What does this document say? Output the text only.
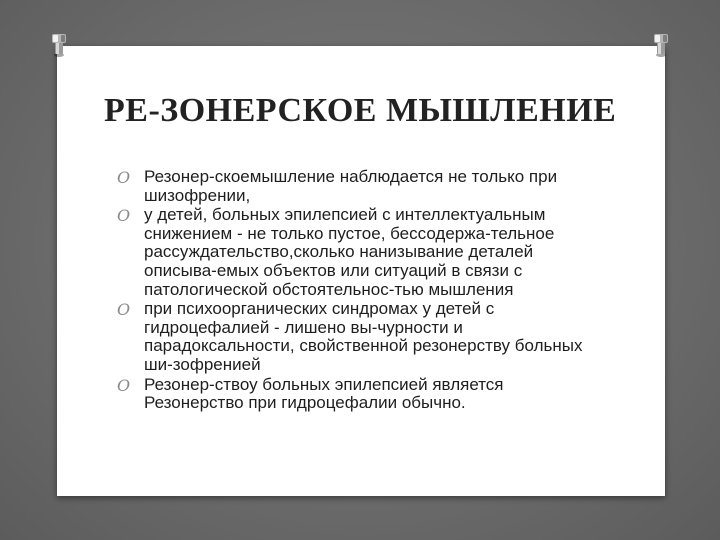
РЕ-ЗОНЕРСКОЕ МЫШЛЕНИЕ
O Резонер-скоемышление наблюдается не только при шизофрении,
O у детей, больных эпилепсией с интеллектуальным снижением - не только пустое, бессодержа-тельное рассуждательство,сколько нанизывание деталей описыва-емых объектов или ситуаций в связи с патологической обстоятельнос-тью мышления
O при психоорганических синдромах у детей с гидроцефалией - лишено вы-чурности и парадоксальности, свойственной резонерству больных ши-зофренией
O Резонер-ствоу больных эпилепсией является Резонерство при гидроцефалии обычно.
